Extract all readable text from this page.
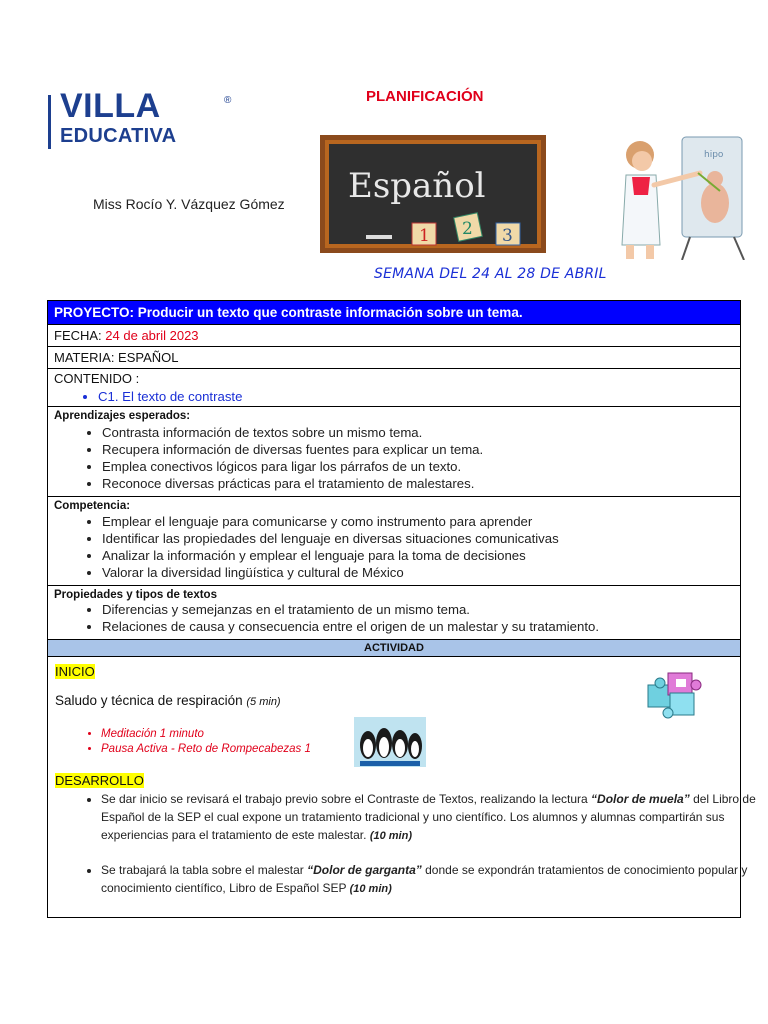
VILLA	®
EDUCATIVA
PLANIFICACIÓN
Miss Rocío Y. Vázquez Gómez Español
1 2 3
hipo
SEMANA DEL 24 AL 28 DE ABRIL
PROYECTO: Producir un texto que contraste información sobre un tema.
FECHA: 24 de abril 2023
MATERIA: ESPAÑOL
CONTENIDO :
• C1. El texto de contraste
Aprendizajes esperados:
• Contrasta información de textos sobre un mismo tema.
• Recupera información de diversas fuentes para explicar un tema.
• Emplea conectivos lógicos para ligar los párrafos de un texto.
• Reconoce diversas prácticas para el tratamiento de malestares.
Competencia:
• Emplear el lenguaje para comunicarse y como instrumento para aprender
• Identificar las propiedades del lenguaje en diversas situaciones comunicativas
• Analizar la información y emplear el lenguaje para la toma de decisiones
• Valorar la diversidad lingüística y cultural de México
Propiedades y tipos de textos
• Diferencias y semejanzas en el tratamiento de un mismo tema.
• Relaciones de causa y consecuencia entre el origen de un malestar y su tratamiento.
ACTIVIDAD
INICIO
Saludo y técnica de respiración (5 min)
• Meditación 1 minuto
• Pausa Activa - Reto de Rompecabezas 1
DESARROLLO
• Se dar inicio se revisará el trabajo previo sobre el Contraste de Textos, realizando la lectura “Dolor de muela” del Libro de Español de la SEP el cual expone un tratamiento tradicional y uno científico. Los alumnos y alumnas compartirán sus experiencias para el tratamiento de este malestar. (10 min)
• Se trabajará la tabla sobre el malestar “Dolor de garganta” donde se expondrán tratamientos de conocimiento popular y conocimiento científico, Libro de Español SEP (10 min)
